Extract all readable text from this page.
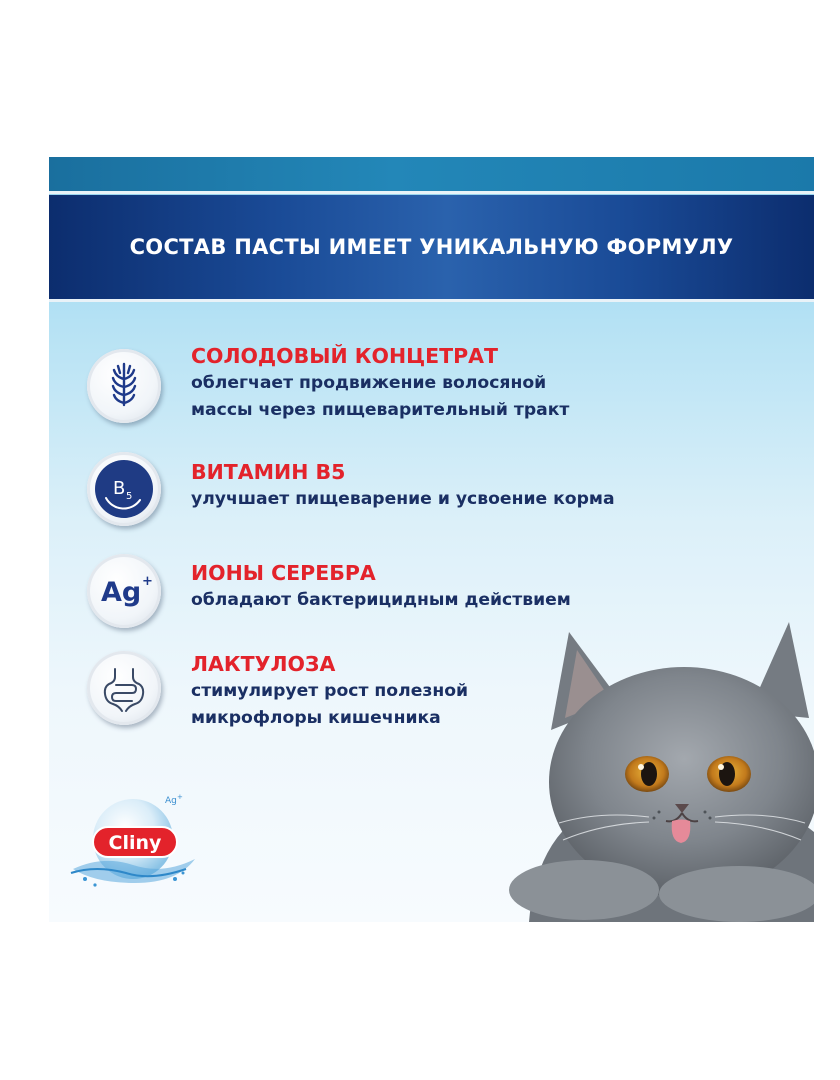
СОСТАВ ПАСТЫ ИМЕЕТ УНИКАЛЬНУЮ ФОРМУЛУ
СОЛОДОВЫЙ КОНЦЕТРАТ
облегчает продвижение волосяной
массы через пищеварительный тракт
B 5
ВИТАМИН В5
улучшает пищеварение и усвоение корма
Ag + ИОНЫ СЕРЕБРА
обладают бактерицидным действием
ЛАКТУЛОЗА
стимулирует рост полезной
микрофлоры кишечника
Cliny
Ag +
